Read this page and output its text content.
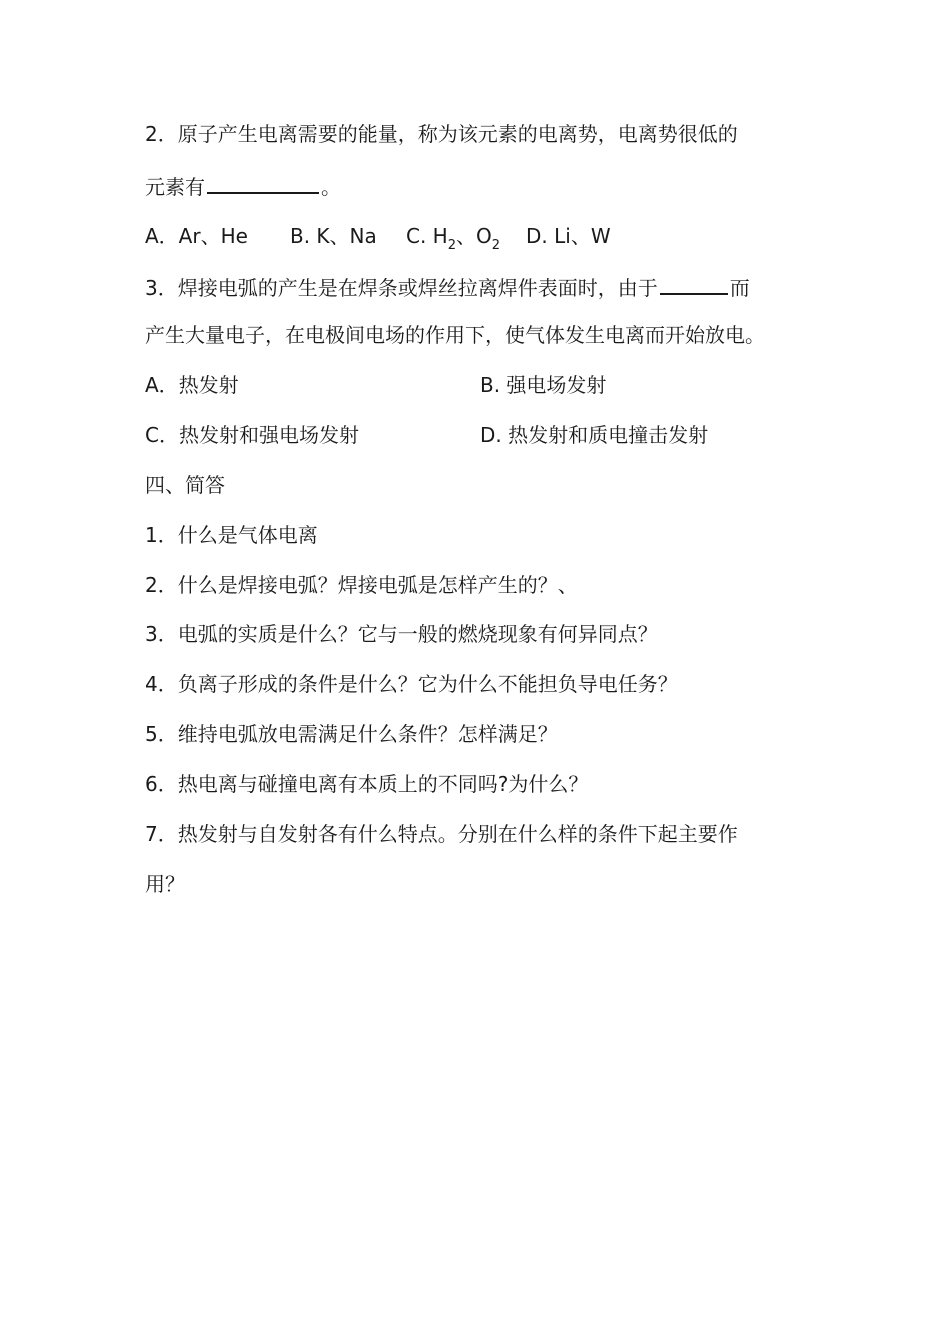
2．原子产生电离需要的能量，称为该元素的电离势，电离势很低的
元素有	。
A．Ar、He B. K、Na C. $H_2$、$O_2$ D. Li、W
3．焊接电弧的产生是在焊条或焊丝拉离焊件表面时，由于	而
产生大量电子，在电极间电场的作用下，使气体发生电离而开始放电。
A．热发射	B. 强电场发射
C．热发射和强电场发射	D. 热发射和质电撞击发射
四、简答
1．什么是气体电离
2．什么是焊接电弧？焊接电弧是怎样产生的？、
3．电弧的实质是什么？它与一般的燃烧现象有何异同点？
4．负离子形成的条件是什么？它为什么不能担负导电任务？
5．维持电弧放电需满足什么条件？怎样满足？
6．热电离与碰撞电离有本质上的不同吗?为什么？
7．热发射与自发射各有什么特点。分别在什么样的条件下起主要作
用？
